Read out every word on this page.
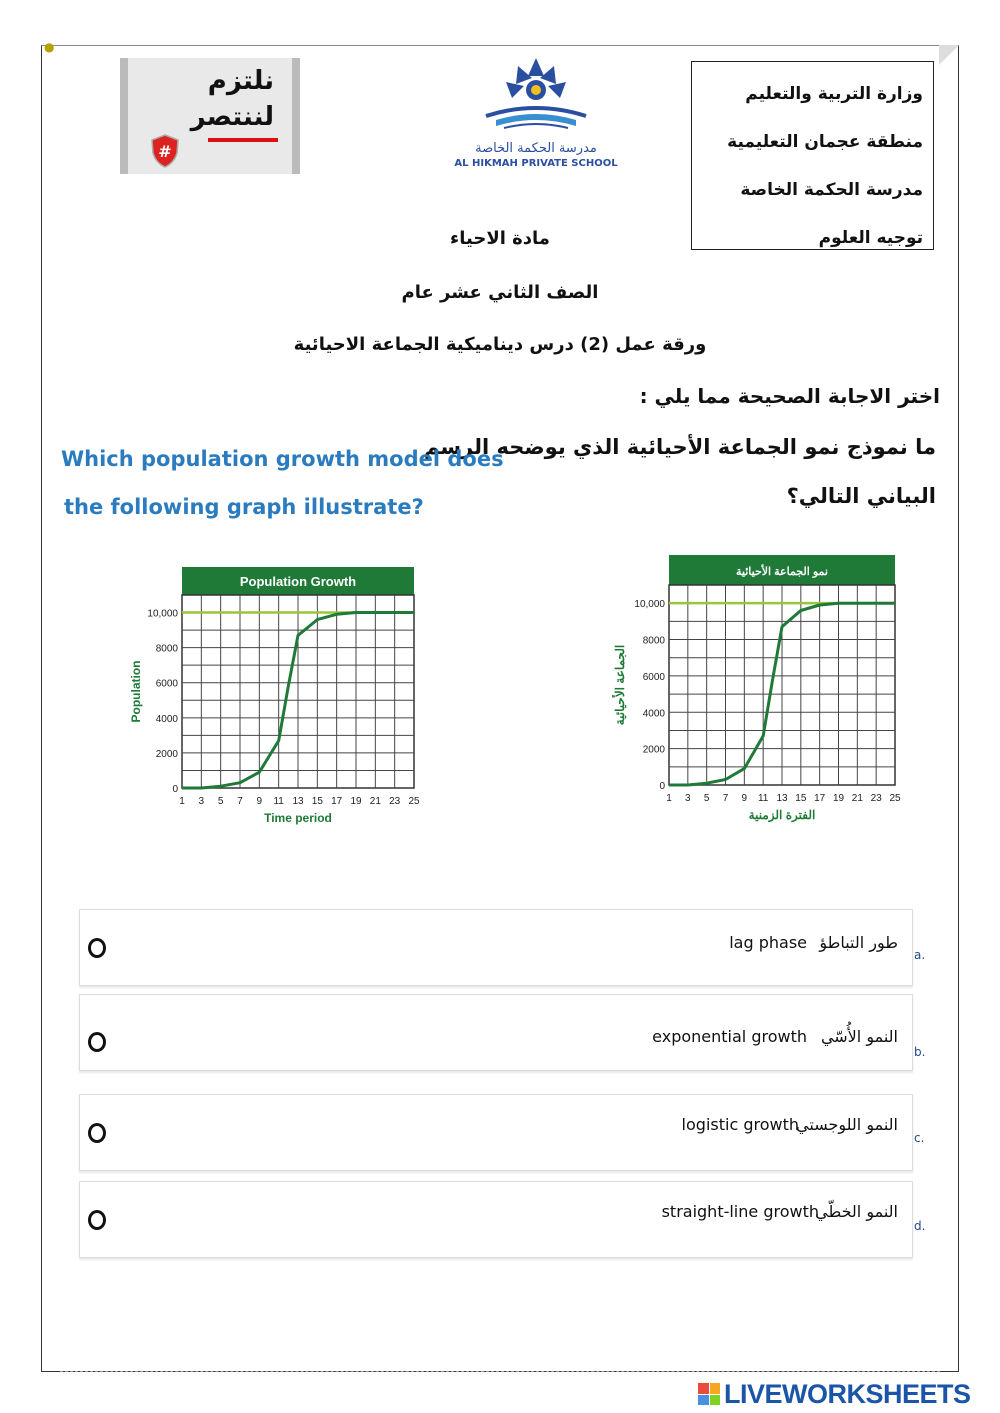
●
وزارة التربية والتعليم
منطقة عجمان التعليمية
مدرسة الحكمة الخاصة
توجيه العلوم
نلتزم
لننتصر
#	مدرسة الحكمة الخاصة
AL HIKMAH PRIVATE SCHOOL
مادة الاحياء
الصف الثاني عشر عام
ورقة عمل (2) درس ديناميكية الجماعة الاحيائية
اختر الاجابة الصحيحة مما يلي :
ما نموذج نمو الجماعة الأحيائية الذي يوضحه الرسم
البياني التالي؟
Which population growth model does
the following graph illustrate?
Population Growth
0
2000
4000
6000
8000
10,000
1 3 5 7 9 11 13 15 17 19 21 23 25
Time period
Population
نمو الجماعة الأحيائية
0
2000
4000
6000
8000
10,000
1 3 5 7 9 11 13 15 17 19 21 23 25
الفترة الزمنية
الجماعة الأحيائية
lag phase طور التباطؤ
a.
exponential growth النمو الأُسّي
b.
logistic growth
النمو اللوجستي
c.
straight-line growth
النمو الخطّي
d.
LIVEWORKSHEETS
